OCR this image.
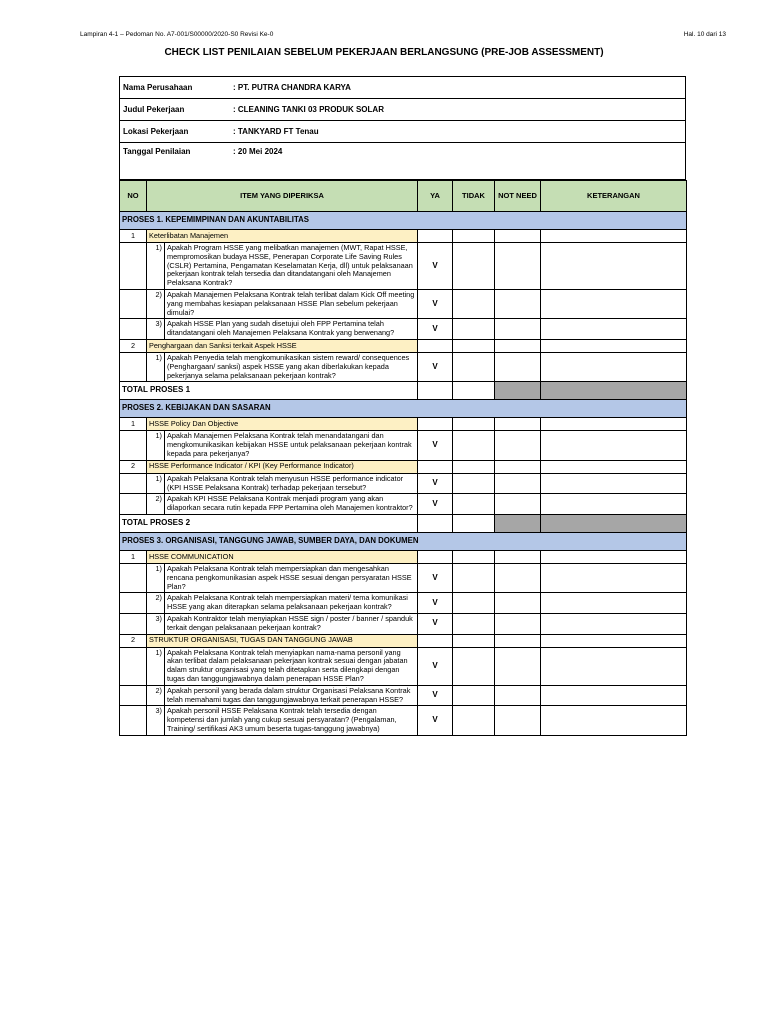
Lampiran 4-1 – Pedoman No. A7-001/S00000/2020-S0 Revisi Ke-0	Hal. 10 dari 13
CHECK LIST PENILAIAN SEBELUM PEKERJAAN BERLANGSUNG (PRE-JOB ASSESSMENT)
Nama Perusahaan	: PT. PUTRA CHANDRA KARYA
Judul Pekerjaan	: CLEANING TANKI 03 PRODUK SOLAR
Lokasi Pekerjaan	: TANKYARD FT Tenau
Tanggal Penilaian	: 20 Mei 2024
NO	ITEM YANG DIPERIKSA		YA	TIDAK	NOT NEED	KETERANGAN
PROSES 1. KEPEMIMPINAN DAN AKUNTABILITAS						
1	Keterlibatan Manajemen					
	1)	Apakah Program HSSE yang melibatkan manajemen (MWT, Rapat HSSE, mempromosikan budaya HSSE, Penerapan Corporate Life Saving Rules (CSLR) Pertamina, Pengamatan Keselamatan Kerja, dll) untuk pelaksanaan pekerjaan kontrak telah tersedia dan ditandatangani oleh Manajemen Pelaksana Kontrak?	V			
	2)	Apakah Manajemen Pelaksana Kontrak telah terlibat dalam Kick Off meeting yang membahas kesiapan pelaksanaan HSSE Plan sebelum pekerjaan dimulai?	V			
	3)	Apakah HSSE Plan yang sudah disetujui oleh FPP Pertamina telah ditandatangani oleh Manajemen Pelaksana Kontrak yang berwenang?	V			
2	Penghargaan dan Sanksi terkait Aspek HSSE					
	1)	Apakah Penyedia telah mengkomunikasikan sistem reward/ consequences (Penghargaan/ sanksi) aspek HSSE yang akan diberlakukan kepada pekerjanya selama pelaksanaan pekerjaan kontrak?	V			
TOTAL PROSES 1						
PROSES 2. KEBIJAKAN DAN SASARAN						
1	HSSE Policy Dan Objective					
	1)	Apakah Manajemen Pelaksana Kontrak telah menandatangani dan mengkomunikasikan kebijakan HSSE untuk pelaksanaan pekerjaan kontrak kepada para pekerjanya?	V			
2	HSSE Performance Indicator / KPI (Key Performance Indicator)					
	1)	Apakah Pelaksana Kontrak telah menyusun HSSE performance indicator (KPI HSSE Pelaksana Kontrak) terhadap pekerjaan tersebut?	V			
	2)	Apakah KPI HSSE Pelaksana Kontrak menjadi program yang akan dilaporkan secara rutin kepada FPP Pertamina oleh Manajemen kontraktor?	V			
TOTAL PROSES 2						
PROSES 3. ORGANISASI, TANGGUNG JAWAB, SUMBER DAYA, DAN DOKUMEN						
1	HSSE COMMUNICATION					
	1)	Apakah Pelaksana Kontrak telah mempersiapkan dan mengesahkan rencana pengkomunikasian aspek HSSE sesuai dengan persyaratan HSSE Plan?	V			
	2)	Apakah Pelaksana Kontrak telah mempersiapkan materi/ tema komunikasi HSSE yang akan diterapkan selama pelaksanaan pekerjaan kontrak?	V			
	3)	Apakah Kontraktor telah menyiapkan HSSE sign / poster / banner / spanduk terkait dengan pelaksanaan pekerjaan kontrak?	V			
2	STRUKTUR ORGANISASI, TUGAS DAN TANGGUNG JAWAB					
	1)	Apakah Pelaksana Kontrak telah menyiapkan nama-nama personil yang akan terlibat dalam pelaksanaan pekerjaan kontrak sesuai dengan jabatan dalam struktur organisasi yang telah ditetapkan serta dilengkapi dengan tugas dan tanggungjawabnya dalam penerapan HSSE Plan?	V			
	2)	Apakah personil yang berada dalam struktur Organisasi Pelaksana Kontrak telah memahami tugas dan tanggungjawabnya terkait penerapan HSSE?	V			
	3)	Apakah personil HSSE Pelaksana Kontrak telah tersedia dengan kompetensi dan jumlah yang cukup sesuai persyaratan? (Pengalaman, Training/ sertifikasi AK3 umum beserta tugas-tanggung jawabnya)	V			
